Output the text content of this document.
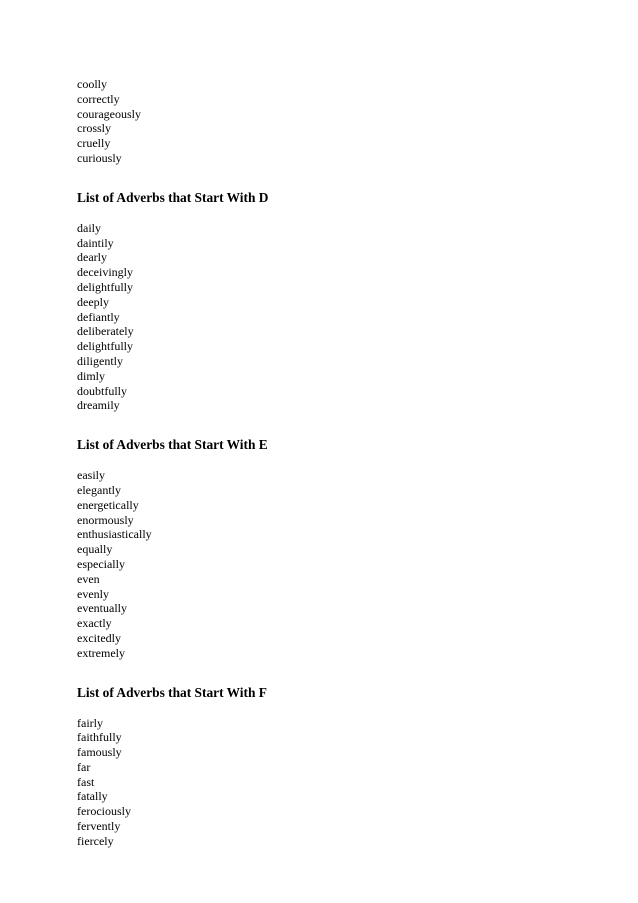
coolly
correctly
courageously
crossly
cruelly
curiously
List of Adverbs that Start With D
daily
daintily
dearly
deceivingly
delightfully
deeply
defiantly
deliberately
delightfully
diligently
dimly
doubtfully
dreamily
List of Adverbs that Start With E
easily
elegantly
energetically
enormously
enthusiastically
equally
especially
even
evenly
eventually
exactly
excitedly
extremely
List of Adverbs that Start With F
fairly
faithfully
famously
far
fast
fatally
ferociously
fervently
fiercely
